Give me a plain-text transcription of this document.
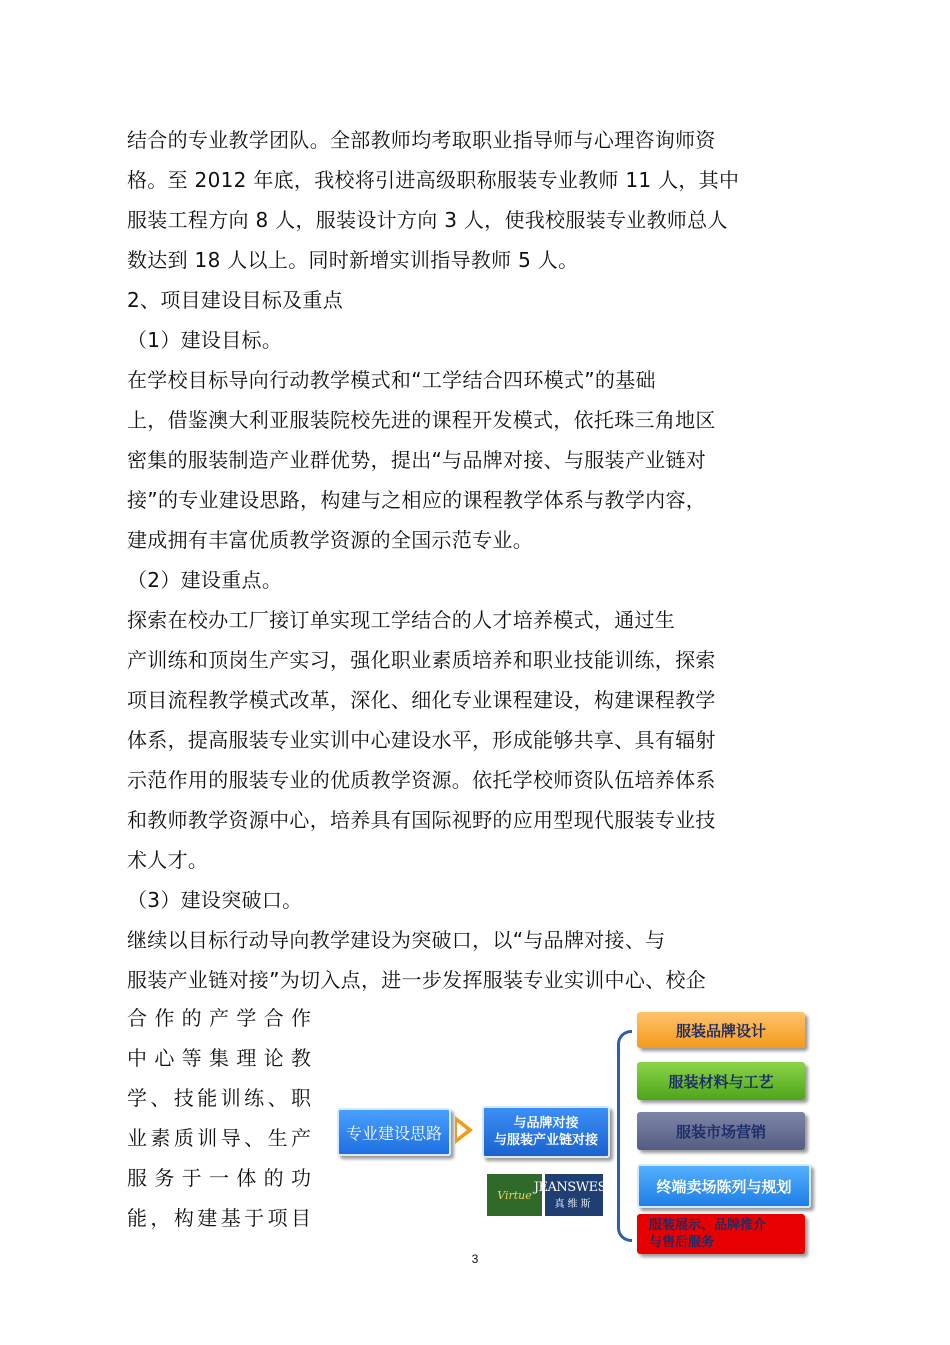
结合的专业教学团队。全部教师均考取职业指导师与心理咨询师资
格。至 2012 年底，我校将引进高级职称服装专业教师 11 人，其中
服装工程方向 8 人，服装设计方向 3 人，使我校服装专业教师总人
数达到 18 人以上。同时新增实训指导教师 5 人。
2、项目建设目标及重点
（1）建设目标。
在学校目标导向行动教学模式和“工学结合四环模式”的基础
上，借鉴澳大利亚服装院校先进的课程开发模式，依托珠三角地区
密集的服装制造产业群优势，提出“与品牌对接、与服装产业链对
接”的专业建设思路，构建与之相应的课程教学体系与教学内容，
建成拥有丰富优质教学资源的全国示范专业。
（2）建设重点。
探索在校办工厂接订单实现工学结合的人才培养模式，通过生
产训练和顶岗生产实习，强化职业素质培养和职业技能训练，探索
项目流程教学模式改革，深化、细化专业课程建设，构建课程教学
体系，提高服装专业实训中心建设水平，形成能够共享、具有辐射
示范作用的服装专业的优质教学资源。依托学校师资队伍培养体系
和教师教学资源中心，培养具有国际视野的应用型现代服装专业技
术人才。
（3）建设突破口。
继续以目标行动导向教学建设为突破口，以“与品牌对接、与
服装产业链对接”为切入点，进一步发挥服装专业实训中心、校企
合作的产学合作
中心等集理论教
学、技能训练、职
业素质训导、生产
服务于一体的功
能，构建基于项目
专业建设思路	与品牌对接
与服装产业链对接
Virtue JEANSWEST
真维斯
服装品牌设计
服装材料与工艺
服装市场营销
终端卖场陈列与规划
服装展示、品牌推介
与售后服务
3
